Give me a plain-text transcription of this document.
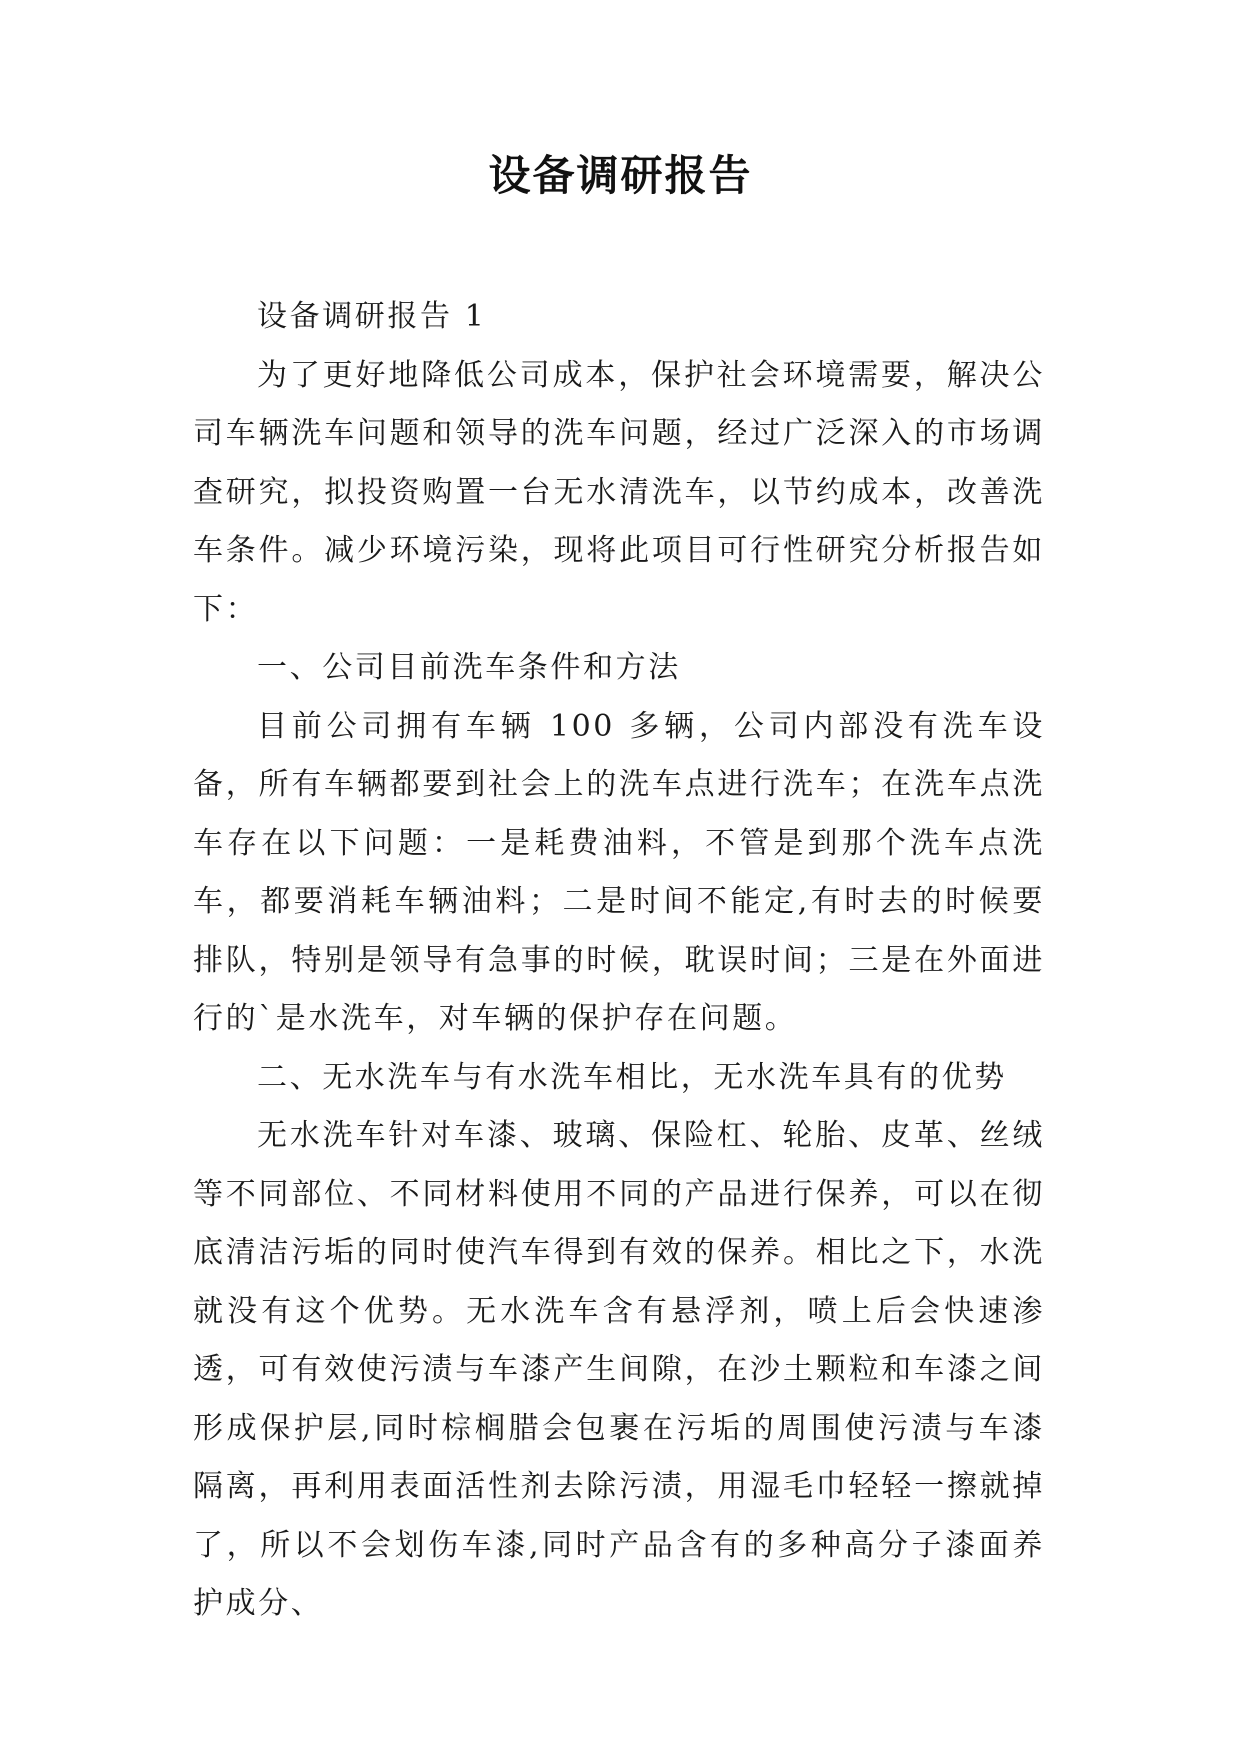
设备调研报告

设备调研报告 1

为了更好地降低公司成本，保护社会环境需要，解决公司车辆洗车问题和领导的洗车问题，经过广泛深入的市场调查研究，拟投资购置一台无水清洗车，以节约成本，改善洗车条件。减少环境污染，现将此项目可行性研究分析报告如下：

一、公司目前洗车条件和方法

目前公司拥有车辆 100 多辆，公司内部没有洗车设备，所有车辆都要到社会上的洗车点进行洗车；在洗车点洗车存在以下问题：一是耗费油料，不管是到那个洗车点洗车，都要消耗车辆油料；二是时间不能定,有时去的时候要排队，特别是领导有急事的时候，耽误时间；三是在外面进行的`是水洗车，对车辆的保护存在问题。

二、无水洗车与有水洗车相比，无水洗车具有的优势

无水洗车针对车漆、玻璃、保险杠、轮胎、皮革、丝绒等不同部位、不同材料使用不同的产品进行保养，可以在彻底清洁污垢的同时使汽车得到有效的保养。相比之下，水洗就没有这个优势。无水洗车含有悬浮剂，喷上后会快速渗透，可有效使污渍与车漆产生间隙，在沙土颗粒和车漆之间形成保护层,同时棕榈腊会包裹在污垢的周围使污渍与车漆隔离，再利用表面活性剂去除污渍，用湿毛巾轻轻一擦就掉了，所以不会划伤车漆,同时产品含有的多种高分子漆面养护成分、
